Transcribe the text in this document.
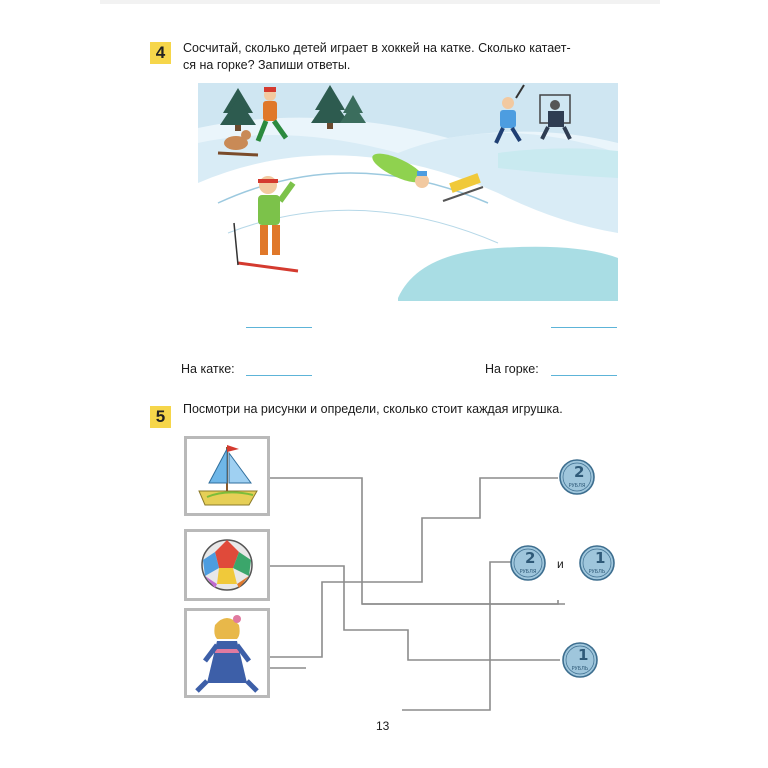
4	Сосчитай, сколько детей играет в хоккей на катке. Сколько катает-
ся на горке? Запиши ответы.
На катке:	На горке:
5	Посмотри на рисунки и определи, сколько стоит каждая игрушка.
2
РУБЛЯ
2
РУБЛЯ
и 1
РУБЛЬ
1
РУБЛЬ
13
